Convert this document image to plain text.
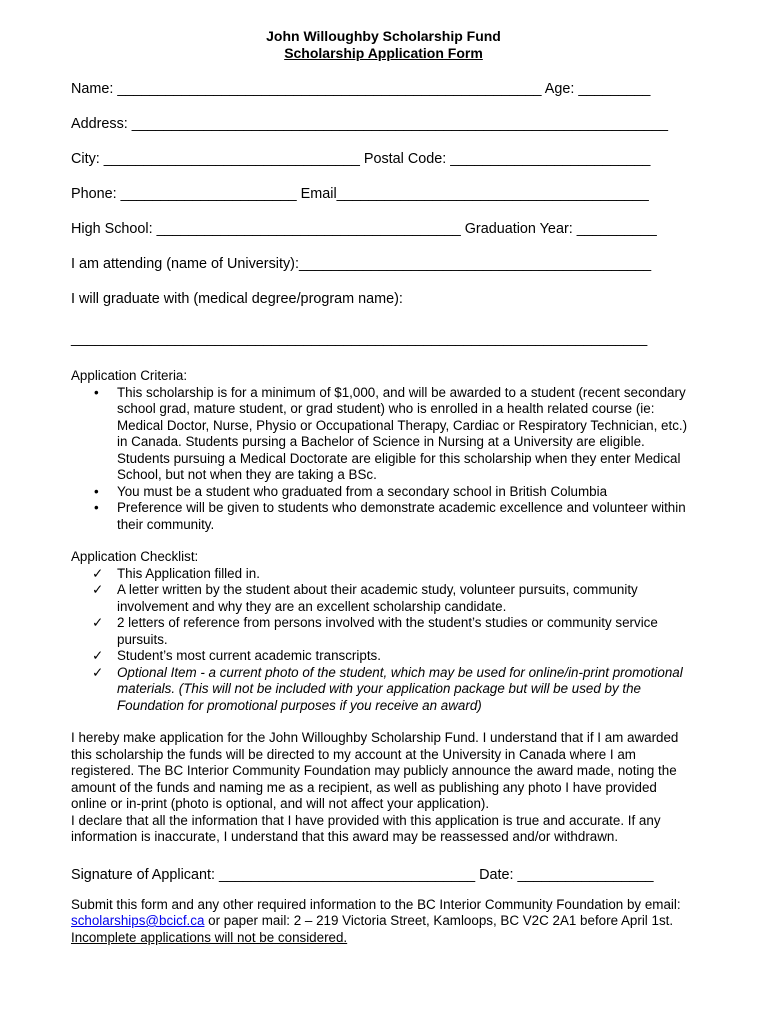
John Willoughby Scholarship Fund
Scholarship Application Form
Name: _____________________________________________________ Age: _________
Address: ___________________________________________________________________
City: ________________________________ Postal Code: _________________________
Phone: ______________________ Email_______________________________________
High School: ______________________________________ Graduation Year: __________
I am attending (name of University):____________________________________________
I will graduate with (medical degree/program name):
________________________________________________________________________
Application Criteria:
• This scholarship is for a minimum of $1,000, and will be awarded to a student (recent secondary school grad, mature student, or grad student) who is enrolled in a health related course (ie: Medical Doctor, Nurse, Physio or Occupational Therapy, Cardiac or Respiratory Technician, etc.) in Canada. Students pursing a Bachelor of Science in Nursing at a University are eligible. Students pursuing a Medical Doctorate are eligible for this scholarship when they enter Medical School, but not when they are taking a BSc.
• You must be a student who graduated from a secondary school in British Columbia
• Preference will be given to students who demonstrate academic excellence and volunteer within their community.
Application Checklist:
✓ This Application filled in.
✓ A letter written by the student about their academic study, volunteer pursuits, community involvement and why they are an excellent scholarship candidate.
✓ 2 letters of reference from persons involved with the student’s studies or community service pursuits.
✓ Student’s most current academic transcripts.
✓ Optional Item - a current photo of the student, which may be used for online/in-print promotional materials. (This will not be included with your application package but will be used by the Foundation for promotional purposes if you receive an award)
I hereby make application for the John Willoughby Scholarship Fund. I understand that if I am awarded this scholarship the funds will be directed to my account at the University in Canada where I am registered. The BC Interior Community Foundation may publicly announce the award made, noting the amount of the funds and naming me as a recipient, as well as publishing any photo I have provided online or in-print (photo is optional, and will not affect your application).
I declare that all the information that I have provided with this application is true and accurate. If any information is inaccurate, I understand that this award may be reassessed and/or withdrawn.
Signature of Applicant: ________________________________ Date: _________________
Submit this form and any other required information to the BC Interior Community Foundation by email: scholarships@bcicf.ca or paper mail: 2 – 219 Victoria Street, Kamloops, BC V2C 2A1 before April 1st. Incomplete applications will not be considered.
